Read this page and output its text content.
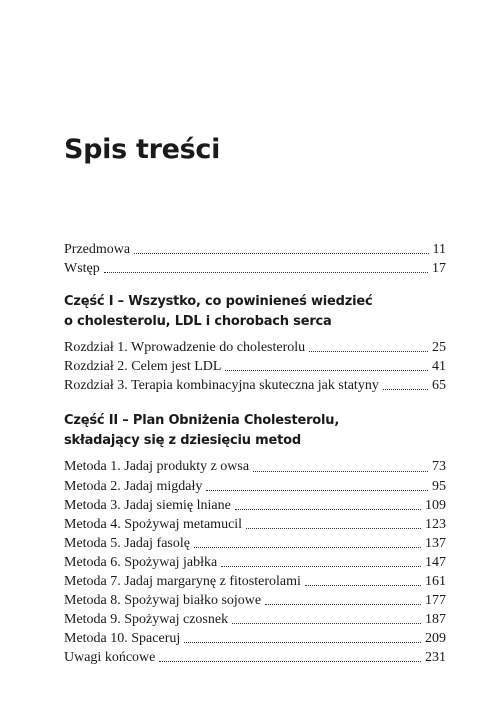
Spis treści
Przedmowa	11
Wstęp	17
Część I – Wszystko, co powinieneś wiedzieć
o cholesterolu, LDL i chorobach serca
Rozdział 1. Wprowadzenie do cholesterolu	25
Rozdział 2. Celem jest LDL	41
Rozdział 3. Terapia kombinacyjna skuteczna jak statyny	65
Część II – Plan Obniżenia Cholesterolu,
składający się z dziesięciu metod
Metoda 1. Jadaj produkty z owsa	73
Metoda 2. Jadaj migdały	95
Metoda 3. Jadaj siemię lniane	109
Metoda 4. Spożywaj metamucil	123
Metoda 5. Jadaj fasolę	137
Metoda 6. Spożywaj jabłka	147
Metoda 7. Jadaj margarynę z fitosterolami	161
Metoda 8. Spożywaj białko sojowe	177
Metoda 9. Spożywaj czosnek	187
Metoda 10. Spaceruj	209
Uwagi końcowe	231
